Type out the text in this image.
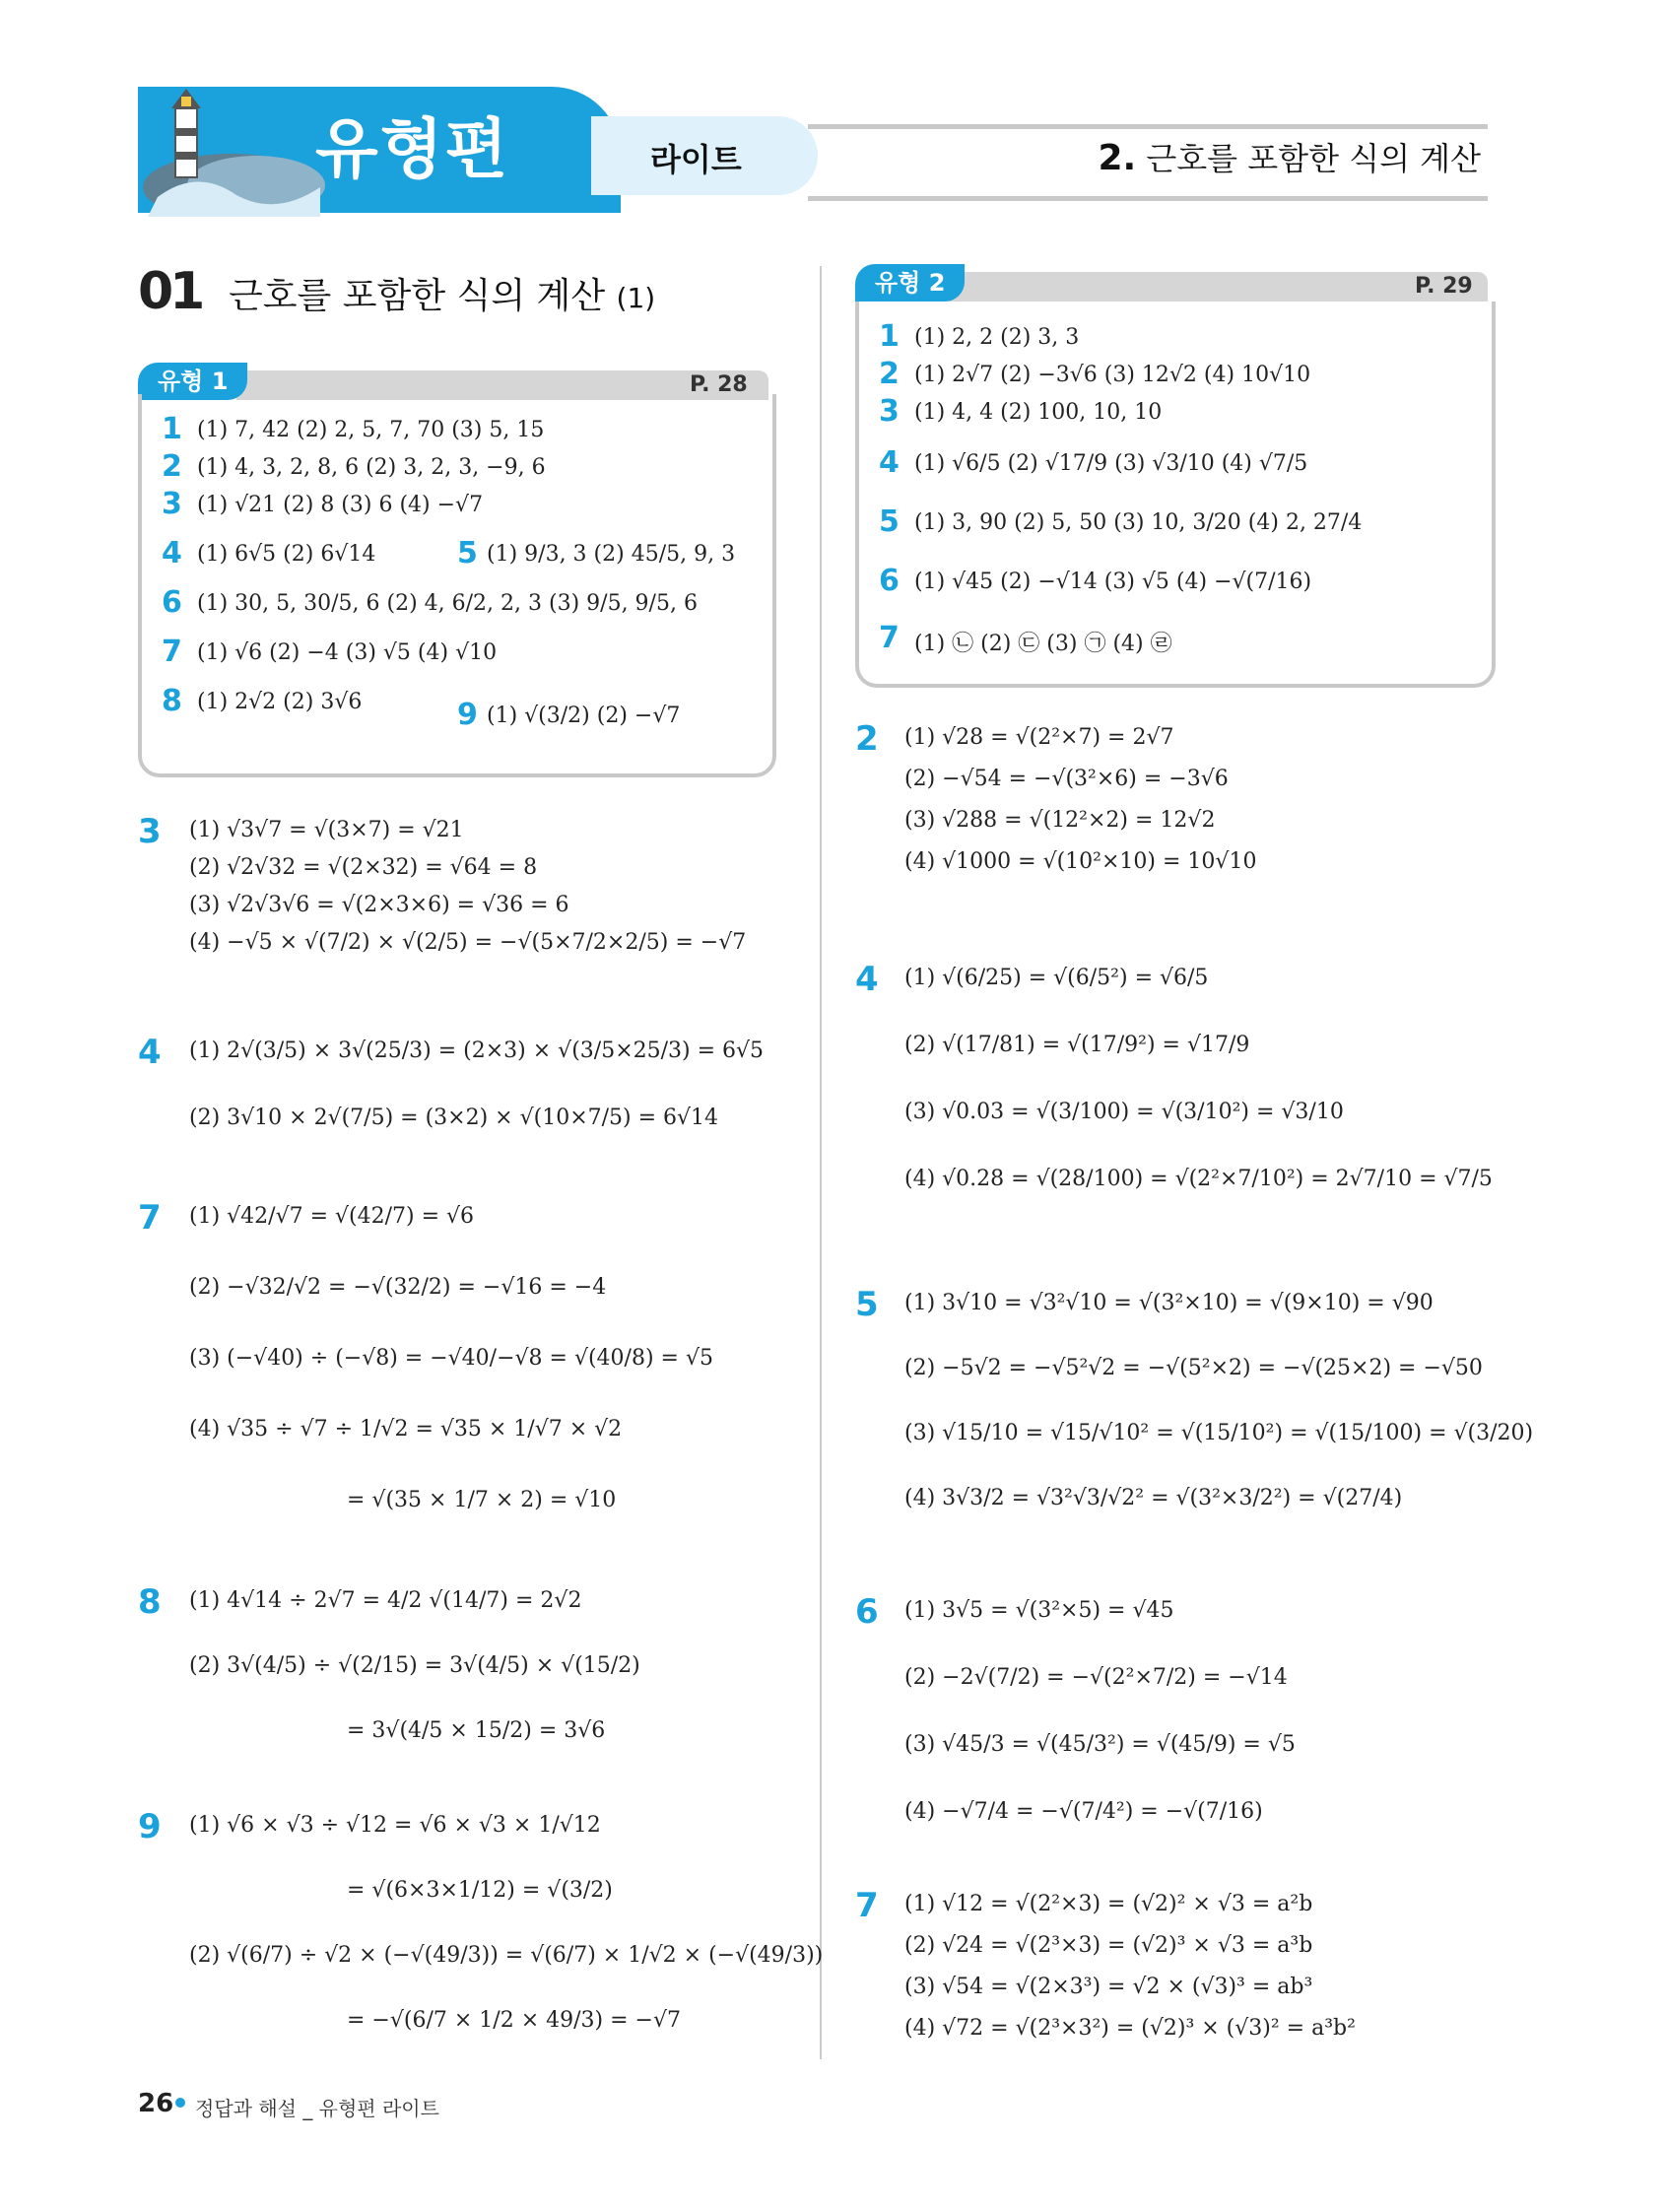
유형편	라이트	2. 근호를 포함한 식의 계산
01 근호를 포함한 식의 계산 (1)
유형 1	P. 28
1 (1) 7, 42 (2) 2, 5, 7, 70 (3) 5, 15
2 (1) 4, 3, 2, 8, 6 (2) 3, 2, 3, −9, 6
3 (1) √21 (2) 8 (3) 6 (4) −√7
4 (1) 6√5 (2) 6√14	5 (1) 9/3, 3 (2) 45/5, 9, 3
6 (1) 30, 5, 30/5, 6 (2) 4, 6/2, 2, 3 (3) 9/5, 9/5, 6
7 (1) √6 (2) −4 (3) √5 (4) √10
8 (1) 2√2 (2) 3√6	9 (1) √(3/2) (2) −√7
유형 2	P. 29
1 (1) 2, 2 (2) 3, 3
2 (1) 2√7 (2) −3√6 (3) 12√2 (4) 10√10
3 (1) 4, 4 (2) 100, 10, 10
4 (1) √6/5 (2) √17/9 (3) √3/10 (4) √7/5
5 (1) 3, 90 (2) 5, 50 (3) 10, 3/20 (4) 2, 27/4
6 (1) √45 (2) −√14 (3) √5 (4) −√(7/16)
7 (1) ㉡ (2) ㉢ (3) ㉠ (4) ㉣
3 (1) √3√7 = √(3×7) = √21
(2) √2√32 = √(2×32) = √64 = 8
(3) √2√3√6 = √(2×3×6) = √36 = 6
(4) −√5 × √(7/2) × √(2/5) = −√(5×7/2×2/5) = −√7
4 (1) 2√(3/5) × 3√(25/3) = (2×3) × √(3/5×25/3) = 6√5
(2) 3√10 × 2√(7/5) = (3×2) × √(10×7/5) = 6√14
7 (1) √42/√7 = √(42/7) = √6
(2) −√32/√2 = −√(32/2) = −√16 = −4
(3) (−√40) ÷ (−√8) = −√40/−√8 = √(40/8) = √5
(4) √35 ÷ √7 ÷ 1/√2 = √35 × 1/√7 × √2
= √(35 × 1/7 × 2) = √10
8 (1) 4√14 ÷ 2√7 = 4/2 √(14/7) = 2√2
(2) 3√(4/5) ÷ √(2/15) = 3√(4/5) × √(15/2)
= 3√(4/5 × 15/2) = 3√6
9 (1) √6 × √3 ÷ √12 = √6 × √3 × 1/√12
= √(6×3×1/12) = √(3/2)
(2) √(6/7) ÷ √2 × (−√(49/3)) = √(6/7) × 1/√2 × (−√(49/3))
= −√(6/7 × 1/2 × 49/3) = −√7
2 (1) √28 = √(2²×7) = 2√7
(2) −√54 = −√(3²×6) = −3√6
(3) √288 = √(12²×2) = 12√2
(4) √1000 = √(10²×10) = 10√10
4 (1) √(6/25) = √(6/5²) = √6/5
(2) √(17/81) = √(17/9²) = √17/9
(3) √0.03 = √(3/100) = √(3/10²) = √3/10
(4) √0.28 = √(28/100) = √(2²×7/10²) = 2√7/10 = √7/5
5 (1) 3√10 = √3²√10 = √(3²×10) = √(9×10) = √90
(2) −5√2 = −√5²√2 = −√(5²×2) = −√(25×2) = −√50
(3) √15/10 = √15/√10² = √(15/10²) = √(15/100) = √(3/20)
(4) 3√3/2 = √3²√3/√2² = √(3²×3/2²) = √(27/4)
6 (1) 3√5 = √(3²×5) = √45
(2) −2√(7/2) = −√(2²×7/2) = −√14
(3) √45/3 = √(45/3²) = √(45/9) = √5
(4) −√7/4 = −√(7/4²) = −√(7/16)
7 (1) √12 = √(2²×3) = (√2)² × √3 = a²b
(2) √24 = √(2³×3) = (√2)³ × √3 = a³b
(3) √54 = √(2×3³) = √2 × (√3)³ = ab³
(4) √72 = √(2³×3²) = (√2)³ × (√3)² = a³b²
26 정답과 해설 _ 유형편 라이트
